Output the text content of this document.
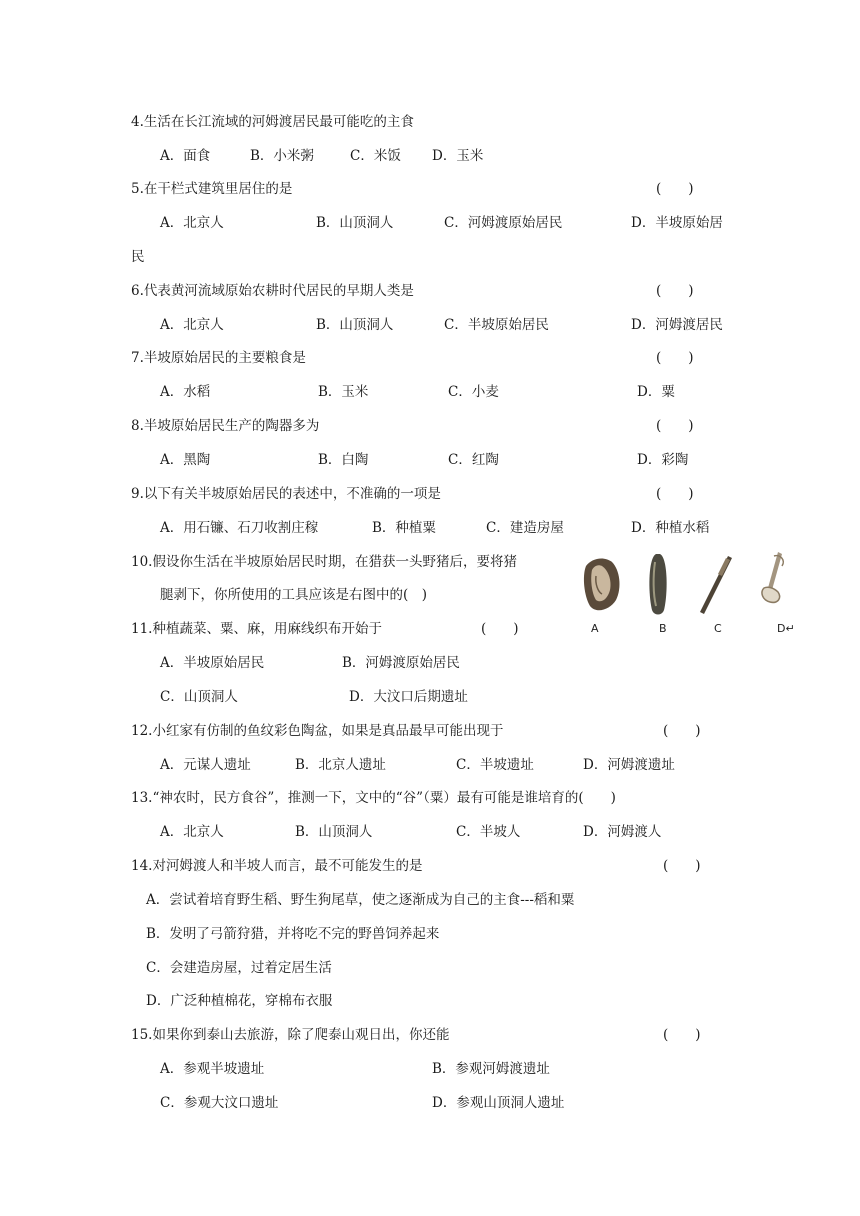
4.生活在长江流域的河姆渡居民最可能吃的主食
A．面食	B．小米粥	C．米饭 D．玉米
5.在干栏式建筑里居住的是	(　　)
A．北京人	B．山顶洞人	C．河姆渡原始居民	D．半坡原始居
民
6.代表黄河流域原始农耕时代居民的早期人类是	(　　)
A．北京人	B．山顶洞人	C．半坡原始居民	D．河姆渡居民
7.半坡原始居民的主要粮食是	(　　)
A．水稻	B．玉米	C．小麦	D．粟
8.半坡原始居民生产的陶器多为	(　　)
A．黑陶	B．白陶	C．红陶	D．彩陶
9.以下有关半坡原始居民的表述中，不准确的一项是	(　　)
A．用石镰、石刀收割庄稼	B．种植粟	C．建造房屋	D．种植水稻
10.假设你生活在半坡原始居民时期，在猎获一头野猪后，要将猪
腿剥下，你所使用的工具应该是右图中的(　)
A	B	C	D↵
11.种植蔬菜、粟、麻，用麻线织布开始于	(　　)
A．半坡原始居民	B．河姆渡原始居民
C．山顶洞人	D．大汶口后期遗址
12.小红家有仿制的鱼纹彩色陶盆，如果是真品最早可能出现于	(　　)
A．元谋人遗址	B．北京人遗址	C．半坡遗址	D．河姆渡遗址
13.“神农时，民方食谷”，推测一下，文中的“谷”（粟）最有可能是谁培育的(　　)
A．北京人	B．山顶洞人	C．半坡人	D．河姆渡人
14.对河姆渡人和半坡人而言，最不可能发生的是	(　　)
A．尝试着培育野生稻、野生狗尾草，使之逐渐成为自己的主食---稻和粟
B．发明了弓箭狩猎，并将吃不完的野兽饲养起来
C．会建造房屋，过着定居生活
D．广泛种植棉花，穿棉布衣服
15.如果你到泰山去旅游，除了爬泰山观日出，你还能	(　　)
A．参观半坡遗址	B．参观河姆渡遗址
C．参观大汶口遗址	D．参观山顶洞人遗址
